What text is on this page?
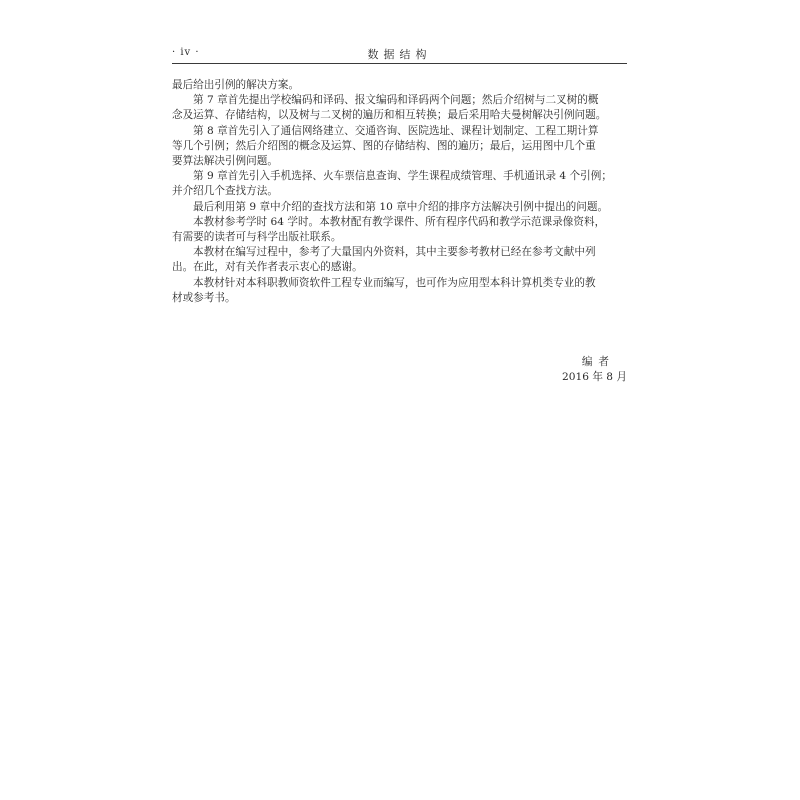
· iv ·	数据结构

最后给出引例的解决方案。

第 7 章首先提出学校编码和译码、报文编码和译码两个问题；然后介绍树与二叉树的概

念及运算、存储结构，以及树与二叉树的遍历和相互转换；最后采用哈夫曼树解决引例问题。

第 8 章首先引入了通信网络建立、交通咨询、医院选址、课程计划制定、工程工期计算

等几个引例；然后介绍图的概念及运算、图的存储结构、图的遍历；最后，运用图中几个重

要算法解决引例问题。

第 9 章首先引入手机选择、火车票信息查询、学生课程成绩管理、手机通讯录 4 个引例；

并介绍几个查找方法。

最后利用第 9 章中介绍的查找方法和第 10 章中介绍的排序方法解决引例中提出的问题。

本教材参考学时 64 学时。本教材配有教学课件、所有程序代码和教学示范课录像资料，

有需要的读者可与科学出版社联系。

本教材在编写过程中，参考了大量国内外资料，其中主要参考教材已经在参考文献中列

出。在此，对有关作者表示衷心的感谢。

本教材针对本科职教师资软件工程专业而编写，也可作为应用型本科计算机类专业的教

材或参考书。

编者
2016 年 8 月
